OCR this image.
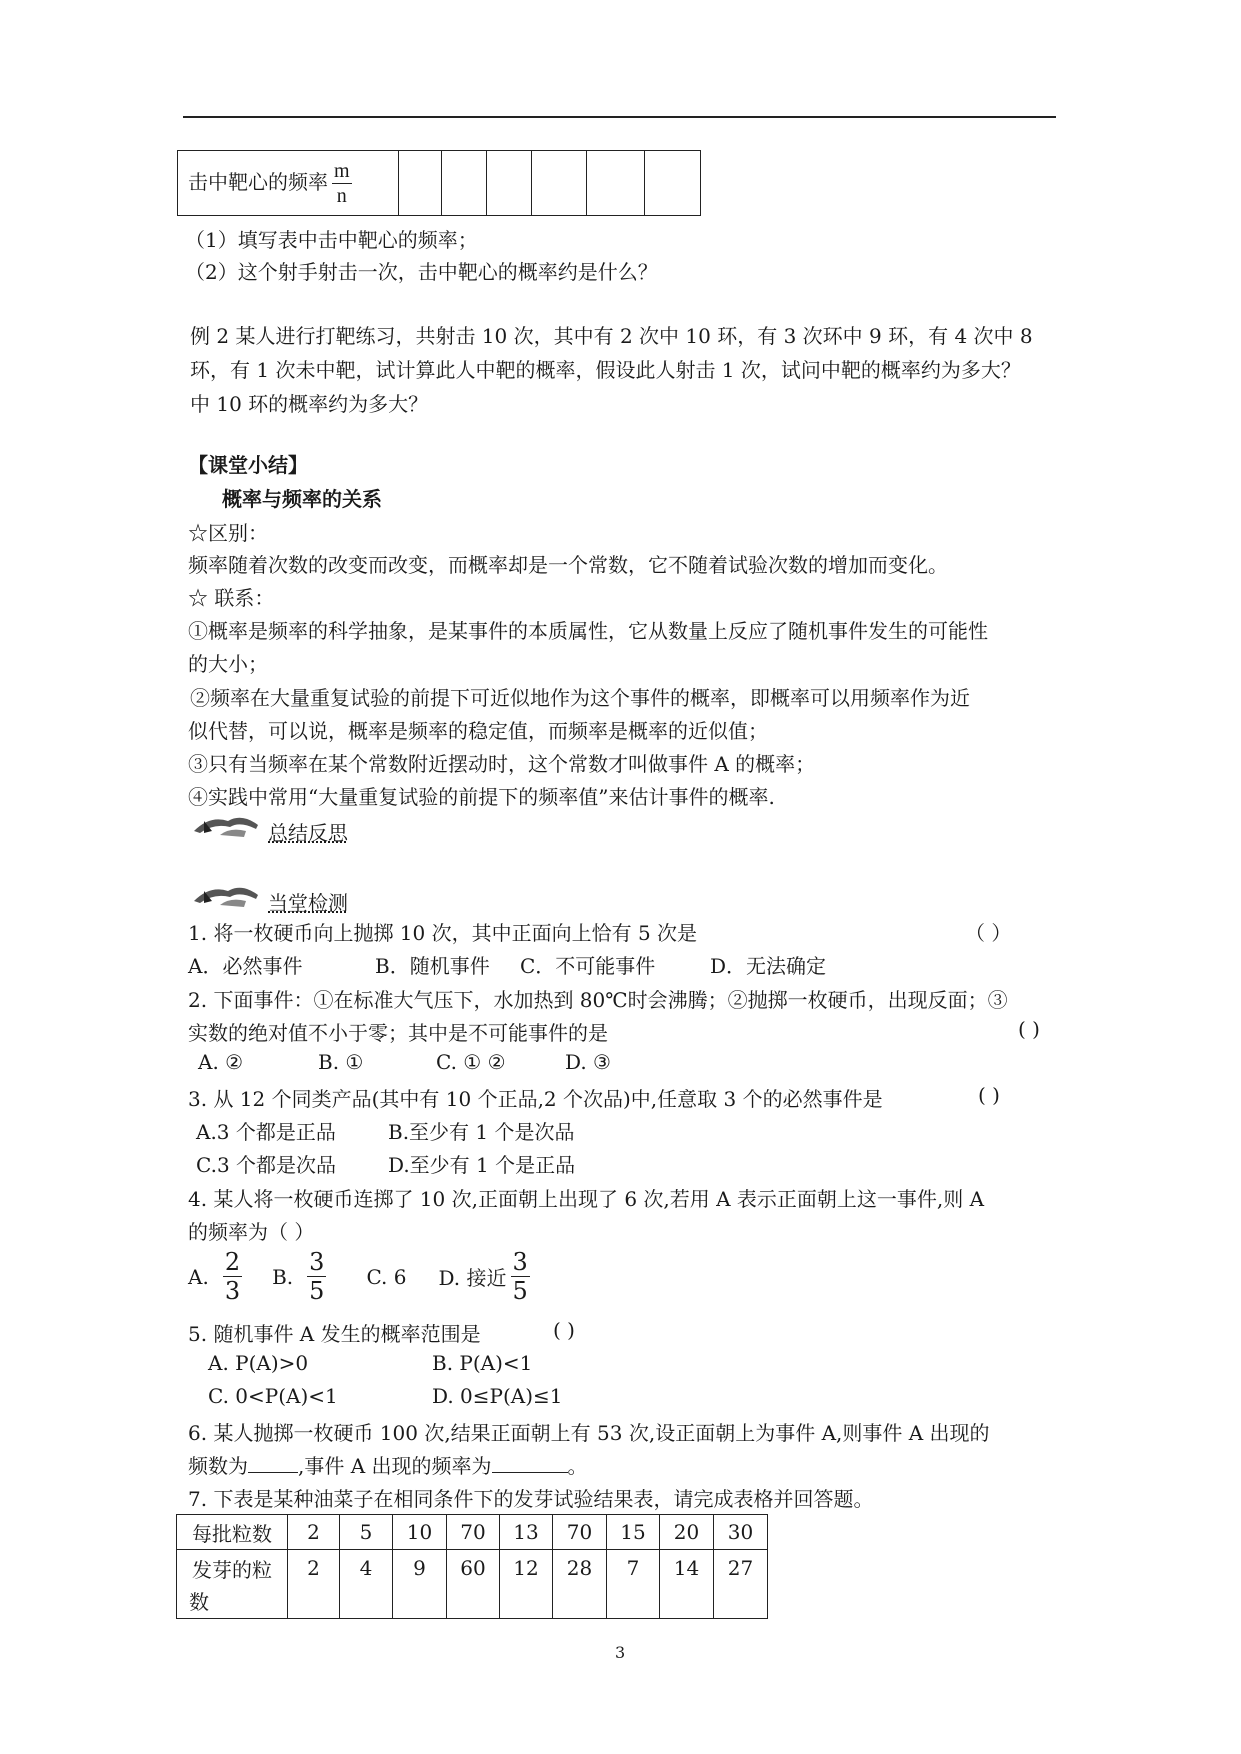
击中靶心的频率 $\frac{m}{n}$

（1）填写表中击中靶心的频率；
（2）这个射手射击一次，击中靶心的概率约是什么？
例 2 某人进行打靶练习，共射击 10 次，其中有 2 次中 10 环，有 3 次环中 9 环，有 4 次中 8
环，有 1 次未中靶，试计算此人中靶的概率，假设此人射击 1 次，试问中靶的概率约为多大？
中 10 环的概率约为多大？
【课堂小结】
概率与频率的关系
☆区别：
频率随着次数的改变而改变，而概率却是一个常数，它不随着试验次数的增加而变化。
☆ 联系：
①概率是频率的科学抽象，是某事件的本质属性，它从数量上反应了随机事件发生的可能性
的大小；
②频率在大量重复试验的前提下可近似地作为这个事件的概率，即概率可以用频率作为近
似代替，可以说，概率是频率的稳定值，而频率是概率的近似值；
③只有当频率在某个常数附近摆动时，这个常数才叫做事件 A 的概率；
④实践中常用“大量重复试验的前提下的频率值”来估计事件的概率.
总结反思
当堂检测
1. 将一枚硬币向上抛掷 10 次，其中正面向上恰有 5 次是	（ ）
A．必然事件	B．随机事件 C．不可能事件	D．无法确定
2. 下面事件：①在标准大气压下，水加热到 80℃时会沸腾；②抛掷一枚硬币，出现反面；③
实数的绝对值不小于零；其中是不可能事件的是	( )
A. ②	B. ①	C. ① ②	D. ③
3. 从 12 个同类产品(其中有 10 个正品,2 个次品)中,任意取 3 个的必然事件是	( )
A.3 个都是正品	B.至少有 1 个是次品
C.3 个都是次品	D.至少有 1 个是正品
4. 某人将一枚硬币连掷了 10 次,正面朝上出现了 6 次,若用 A 表示正面朝上这一事件,则 A
的频率为（ ）
A. $\frac{2}{3} B$. $\frac{3}{5} C$. 6 D. 接近 $\frac{3}{5}$
5. 随机事件 A 发生的概率范围是	( )
A. P(A)>0	B. P(A)<1
C. 0<P(A)<1	D. 0≤P(A)≤1
6. 某人抛掷一枚硬币 100 次,结果正面朝上有 53 次,设正面朝上为事件 A,则事件 A 出现的
频数为	,事件 A 出现的频率为	。
7. 下表是某种油菜子在相同条件下的发芽试验结果表，请完成表格并回答题。
每批粒数	2	5	10	70	13	70	15	20	30

发芽的粒
数	2	4	9	60	12	28	7	14	27
3
